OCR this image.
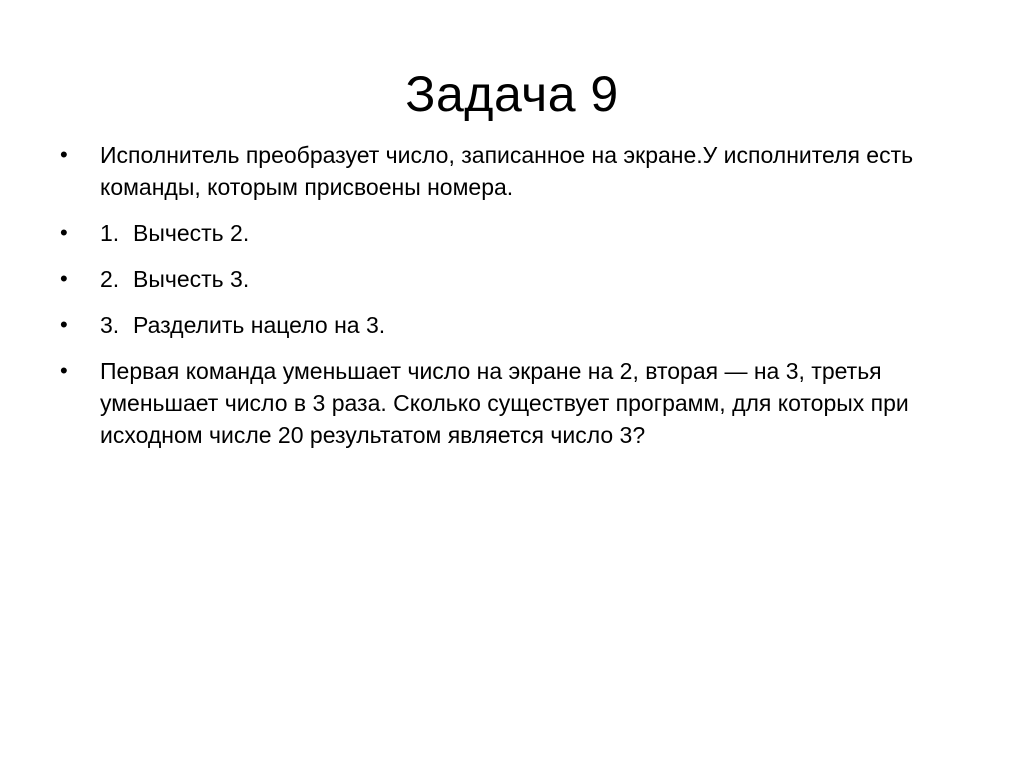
Задача 9
•	Исполнитель преобразует число, записанное на экране.У исполнителя есть команды, которым присвоены номера.
•	1. Вычесть 2.
•	2. Вычесть 3.
•	3. Разделить нацело на 3.
•	Первая команда уменьшает число на экране на 2, вторая — на 3, третья уменьшает число в 3 раза. Сколько существует программ, для которых при исходном числе 20 результатом является число 3?
